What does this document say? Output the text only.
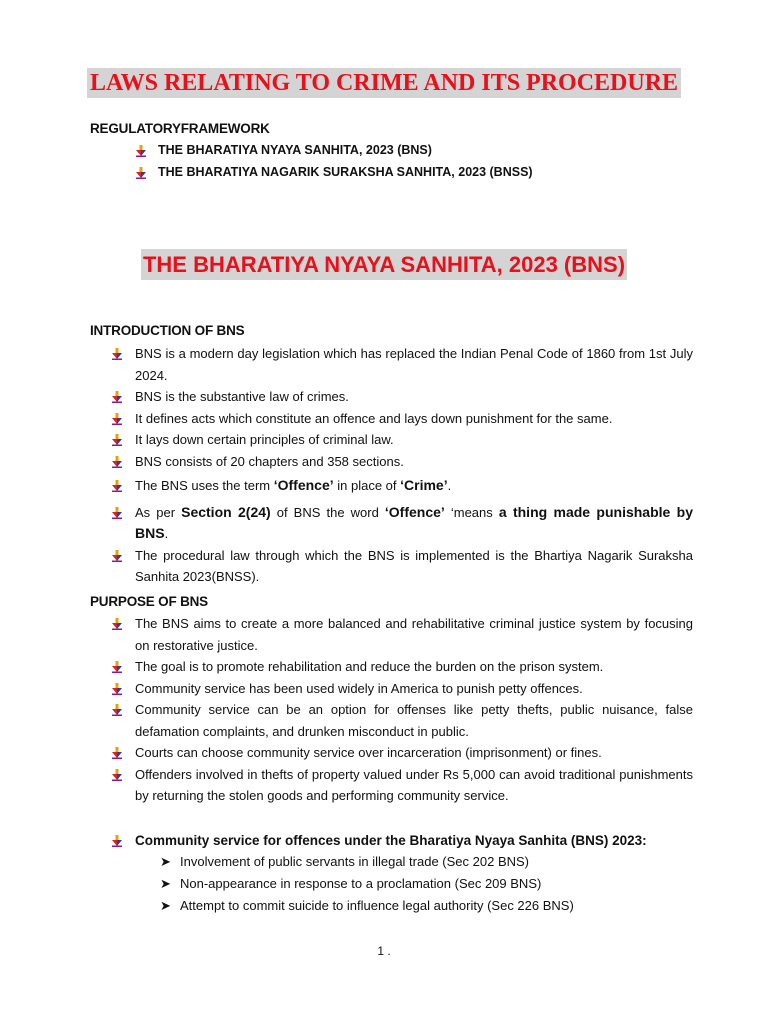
LAWS RELATING TO CRIME AND ITS PROCEDURE
REGULATORYFRAMEWORK
THE BHARATIYA NYAYA SANHITA, 2023 (BNS)
THE BHARATIYA NAGARIK SURAKSHA SANHITA, 2023 (BNSS)
THE BHARATIYA NYAYA SANHITA, 2023 (BNS)
INTRODUCTION OF BNS
BNS is a modern day legislation which has replaced the Indian Penal Code of 1860 from 1st July 2024.
BNS is the substantive law of crimes.
It defines acts which constitute an offence and lays down punishment for the same.
It lays down certain principles of criminal law.
BNS consists of 20 chapters and 358 sections.
The BNS uses the term ‘Offence’ in place of ‘Crime’.
As per Section 2(24) of BNS the word ‘Offence’ ‘means a thing made punishable by BNS.
The procedural law through which the BNS is implemented is the Bhartiya Nagarik Suraksha Sanhita 2023(BNSS).
PURPOSE OF BNS
The BNS aims to create a more balanced and rehabilitative criminal justice system by focusing on restorative justice.
The goal is to promote rehabilitation and reduce the burden on the prison system.
Community service has been used widely in America to punish petty offences.
Community service can be an option for offenses like petty thefts, public nuisance, false defamation complaints, and drunken misconduct in public.
Courts can choose community service over incarceration (imprisonment) or fines.
Offenders involved in thefts of property valued under Rs 5,000 can avoid traditional punishments by returning the stolen goods and performing community service.
Community service for offences under the Bharatiya Nyaya Sanhita (BNS) 2023:
➤ Involvement of public servants in illegal trade (Sec 202 BNS)
➤ Non-appearance in response to a proclamation (Sec 209 BNS)
➤ Attempt to commit suicide to influence legal authority (Sec 226 BNS)
1 .
